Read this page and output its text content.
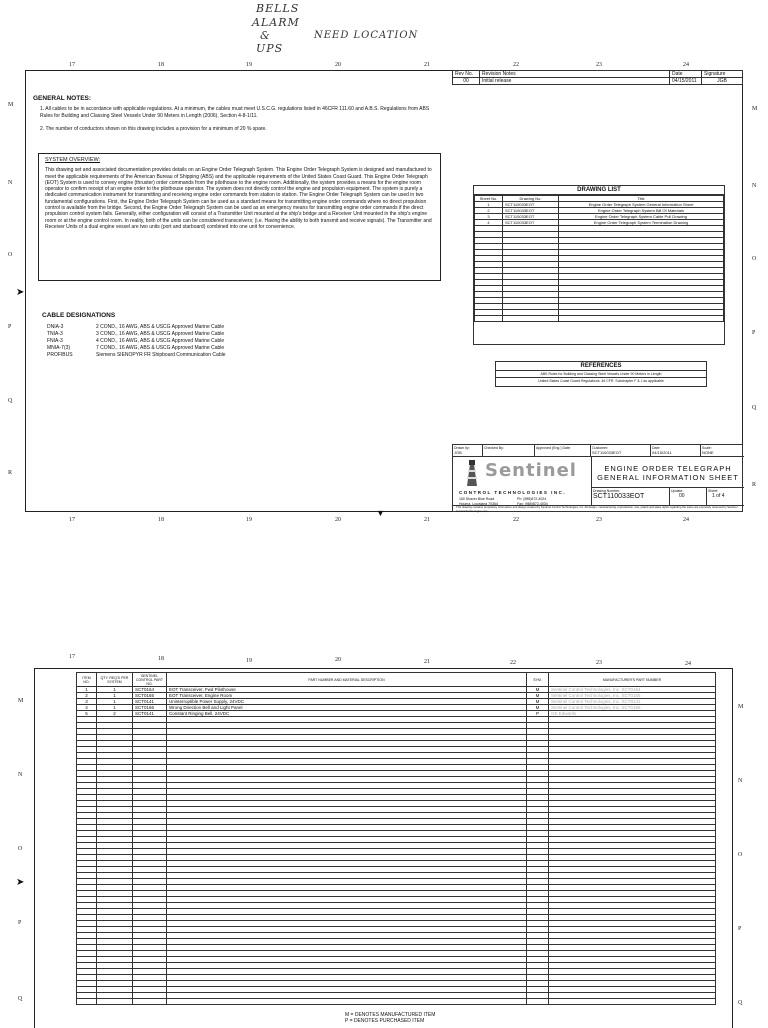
BELLS
ALARM
&
UPS
NEED LOCATION
17	18	19	20	21	22	23	24
M
N
O
P
Q
R
M
N
O
P
Q
R
Rev No.	Revision Notes	Date	Signature
00	Initial release	04/15/2011	JGB
GENERAL NOTES:
1. All cables to be in accordance with applicable regulations. At a minimum, the cables must meet U.S.C.G. regulations listed in 46CFR 111.60 and A.B.S. Regulations from ABS Rules for Building and Classing Steel Vessels Under 90 Meters in Length (2006), Section 4-8-1/11.
2. The number of conductors shown on this drawing includes a provision for a minimum of 20 % spare.
SYSTEM OVERVIEW:
This drawing set and associated documentation provides details on an Engine Order Telegraph System. This Engine Order Telegraph System is designed and manufactured to meet the applicable requirements of the American Bureau of Shipping (ABS) and the applicable requirements of the United States Coast Guard. This Engine Order Telegraph (EOT) System is used to convey engine (thruster) order commands from the pilothouse to the engine room. Additionally, the system provides a means for the engine room operator to confirm receipt of an engine order to the pilothouse operator. The system does not directly control the engine and propulsion equipment. The system is purely a dedicated communication instrument for transmitting and receiving engine order commands from station to station. The Engine Order Telegraph System can be used in two fundamental configurations. First, the Engine Order Telegraph System can be used as a standard means for transmitting engine order commands where no direct propulsion control is available from the bridge. Second, the Engine Order Telegraph System can be used as an emergency means for transmitting engine order commands if the direct propulsion control system fails. Generally, either configuration will consist of a Transmitter Unit mounted at the ship's bridge and a Receiver Unit mounted in the ship's engine room or at the engine control room. In reality, both of the units can be considered transceivers; (i.e. Having the ability to both transmit and receive signals). The Transmitter and Receiver Units of a dual engine vessel are two units (port and starboard) combined into one unit for convenience.
➤
CABLE DESIGNATIONS
DNIA-3	2 COND., 16 AWG, ABS & USCG Approved Marine Cable
TNIA-3	3 COND., 16 AWG, ABS & USCG Approved Marine Cable
FNIA-3	4 COND., 16 AWG, ABS & USCG Approved Marine Cable
MNIA-7(3)	7 COND., 16 AWG, ABS & USCG Approved Marine Cable
PROFIBUS	Siemens SIENOPYR FR Shipboard Communication Cable
DRAWING LIST
Sheet No.	Drawing No.	Title
1	SCT110033EOT	Engine Order Telegraph System General Information Sheet
2	SCT110033EOT	Engine Order Telegraph System Bill Of Materials
3	SCT110033EOT	Engine Order Telegraph System Cable Pull Drawing
4	SCT110033EOT	Engine Order Telegraph System Termination Drawing

REFERENCES
ABS Rules for Building and Classing Steel Vessels Under 90 Meters in Length
United States Coast Guard Regulations, 46 CFR, Subchapter F & J as applicable
Drawn by:
JGB
Checked By:	Approved (Eng.) Date:	Customer:
SCT110033EOT
Date:
04/15/2011
Scale:
NONE
Sentinel
CONTROL TECHNOLOGIES INC.
160 Shaver Blue Road
Houma, Louisiana 70364
Ph: (985)872-4024
Fax: (985)872-4034
ENGINE ORDER TELEGRAPH
GENERAL INFORMATION SHEET
Drawing Number:
SCT110033EOT
Update:
00
Sheet:
1 of 4
This drawing contains proprietary information and design created by Sentinel Control Technologies, Inc. All design, manufacturing, reproduction, use, patent and sales rights regarding the same are expressly reserved by Sentinel Control Technologies, Inc.
17	18	19	20	21	22	23	24
▼
17	18	19	20	21	22	23	24
M
N
O
P
Q
M
N
O
P
Q
➤
ITEM NO.	QTY. REQ'D PER SYSTEM	SENTINEL CONTROL PART NO.	PART NUMBER AND MATERIAL DESCRIPTION	SYM.	MANUFACTURER'S PART NUMBER
1	1	SCT0164	EOT Transceiver, Fwd Pilothouse	M	Sentinel Control Technologies, Inc. SCT0164
2	1	SCT0165	EOT Transceiver, Engine Room	M	Sentinel Control Technologies, Inc. SCT0165
3	1	SCT0141	Uninterruptible Power Supply, 24VDC	M	Sentinel Control Technologies, Inc. SCT0141
4	1	SCT0166	Wrong Direction Bell and Light Panel	M	Sentinel Control Technologies, Inc. SCT0166
5	2	SCT0141	Constant Ringing Bell, 24VDC	P	GE Edwards

M = DENOTES MANUFACTURED ITEM
P = DENOTES PURCHASED ITEM
